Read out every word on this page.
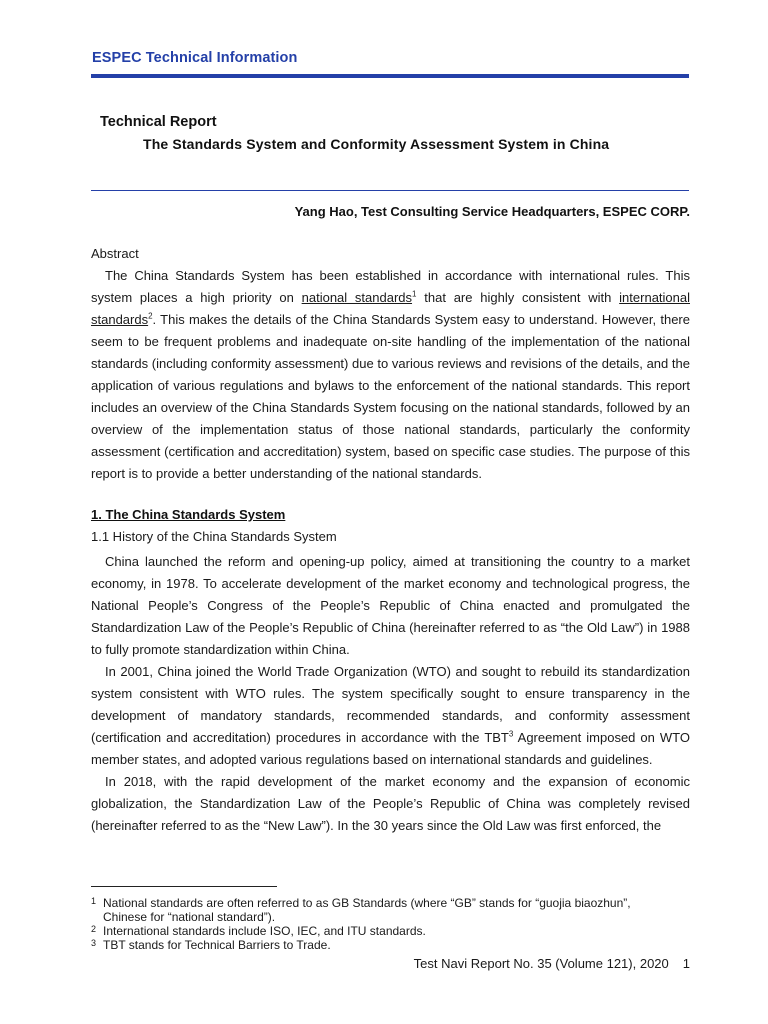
ESPEC Technical Information
Technical Report
The Standards System and Conformity Assessment System in China
Yang Hao, Test Consulting Service Headquarters, ESPEC CORP.

Abstract

The China Standards System has been established in accordance with international rules. This system places a high priority on national standards$^1$ that are highly consistent with international standards$^2$. This makes the details of the China Standards System easy to understand. However, there seem to be frequent problems and inadequate on-site handling of the implementation of the national standards (including conformity assessment) due to various reviews and revisions of the details, and the application of various regulations and bylaws to the enforcement of the national standards. This report includes an overview of the China Standards System focusing on the national standards, followed by an overview of the implementation status of those national standards, particularly the conformity assessment (certification and accreditation) system, based on specific case studies. The purpose of this report is to provide a better understanding of the national standards.

1. The China Standards System
1.1 History of the China Standards System

China launched the reform and opening-up policy, aimed at transitioning the country to a market economy, in 1978. To accelerate development of the market economy and technological progress, the National People’s Congress of the People’s Republic of China enacted and promulgated the Standardization Law of the People’s Republic of China (hereinafter referred to as “the Old Law”) in 1988 to fully promote standardization within China.

In 2001, China joined the World Trade Organization (WTO) and sought to rebuild its standardization system consistent with WTO rules. The system specifically sought to ensure transparency in the development of mandatory standards, recommended standards, and conformity assessment (certification and accreditation) procedures in accordance with the TBT$^3$ Agreement imposed on WTO member states, and adopted various regulations based on international standards and guidelines.

In 2018, with the rapid development of the market economy and the expansion of economic globalization, the Standardization Law of the People’s Republic of China was completely revised (hereinafter referred to as the “New Law”). In the 30 years since the Old Law was first enforced, the

1 National standards are often referred to as GB Standards (where “GB” stands for “guojia biaozhun”, Chinese for “national standard”).

2 International standards include ISO, IEC, and ITU standards.

3 TBT stands for Technical Barriers to Trade.

Test Navi Report No. 35 (Volume 121), 2020 1
